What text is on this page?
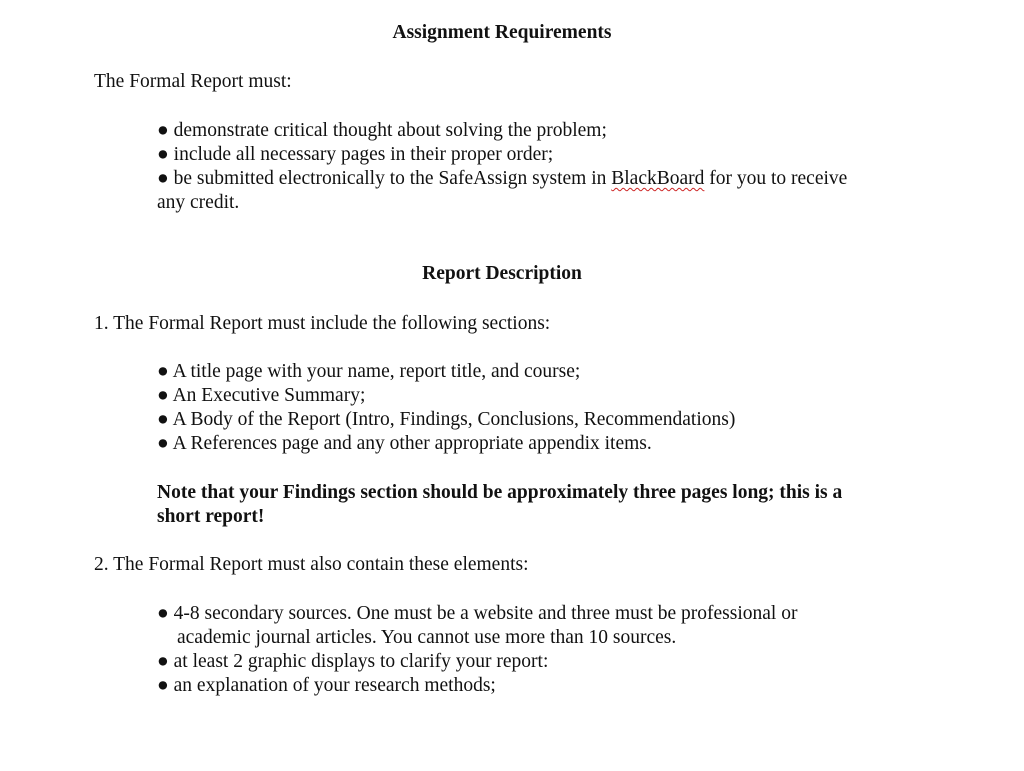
Assignment Requirements
The Formal Report must:
● demonstrate critical thought about solving the problem;
● include all necessary pages in their proper order;
● be submitted electronically to the SafeAssign system in BlackBoard for you to receive
any credit.
Report Description
1. The Formal Report must include the following sections:
● A title page with your name, report title, and course;
● An Executive Summary;
● A Body of the Report (Intro, Findings, Conclusions, Recommendations)
● A References page and any other appropriate appendix items.
Note that your Findings section should be approximately three pages long; this is a
short report!
2. The Formal Report must also contain these elements:
● 4-8 secondary sources. One must be a website and three must be professional or
academic journal articles. You cannot use more than 10 sources.
● at least 2 graphic displays to clarify your report:
● an explanation of your research methods;
